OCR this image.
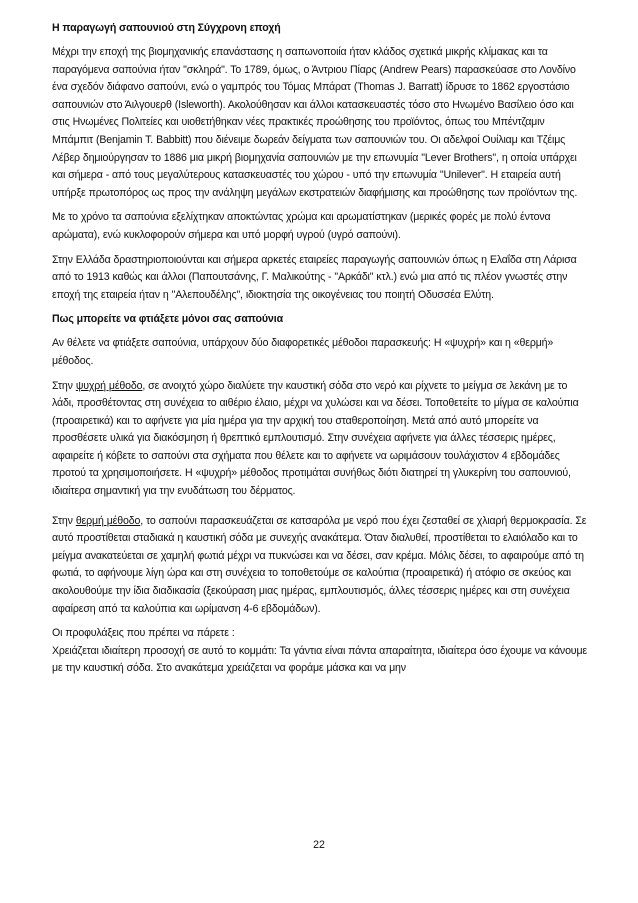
Η παραγωγή σαπουνιού στη Σύγχρονη εποχή

Μέχρι την εποχή της βιομηχανικής επανάστασης η σαπωνοποιία ήταν κλάδος σχετικά μικρής κλίμακας και τα παραγόμενα σαπούνια ήταν "σκληρά". Το 1789, όμως, ο Άντριου Πίαρς (Andrew Pears) παρασκεύασε στο Λονδίνο ένα σχεδόν διάφανο σαπούνι, ενώ ο γαμπρός του Τόμας Μπάρατ (Thomas J. Barratt) ίδρυσε το 1862 εργοστάσιο σαπουνιών στο Άιλγουερθ (Isleworth). Ακολούθησαν και άλλοι κατασκευαστές τόσο στο Ηνωμένο Βασίλειο όσο και στις Ηνωμένες Πολιτείες και υιοθετήθηκαν νέες πρακτικές προώθησης του προϊόντος, όπως του Μπέντζαμιν Μπάμπιτ (Benjamin T. Babbitt) που διένειμε δωρεάν δείγματα των σαπουνιών του. Οι αδελφοί Ουίλιαμ και Τζέιμς Λέβερ δημιούργησαν το 1886 μια μικρή βιομηχανία σαπουνιών με την επωνυμία "Lever Brothers", η οποία υπάρχει και σήμερα - από τους μεγαλύτερους κατασκευαστές του χώρου - υπό την επωνυμία "Unilever". Η εταιρεία αυτή υπήρξε πρωτοπόρος ως προς την ανάληψη μεγάλων εκστρατειών διαφήμισης και προώθησης των προϊόντων της.

Με το χρόνο τα σαπούνια εξελίχτηκαν αποκτώντας χρώμα και αρωματίστηκαν (μερικές φορές με πολύ έντονα αρώματα), ενώ κυκλοφορούν σήμερα και υπό μορφή υγρού (υγρό σαπούνι).

Στην Ελλάδα δραστηριοποιούνται και σήμερα αρκετές εταιρείες παραγωγής σαπουνιών όπως η Ελαΐδα στη Λάρισα από το 1913 καθώς και άλλοι (Παπουτσάνης, Γ. Μαλικούτης - "Αρκάδι" κτλ.) ενώ μια από τις πλέον γνωστές στην εποχή της εταιρεία ήταν η "Αλεπουδέλης", ιδιοκτησία της οικογένειας του ποιητή Οδυσσέα Ελύτη.

Πως μπορείτε να φτιάξετε μόνοι σας σαπούνια

Αν θέλετε να φτιάξετε σαπούνια, υπάρχουν δύο διαφορετικές μέθοδοι παρασκευής: Η «ψυχρή» και η «θερμή» μέθοδος.

Στην ψυχρή μέθοδο, σε ανοιχτό χώρο διαλύετε την καυστική σόδα στο νερό και ρίχνετε το μείγμα σε λεκάνη με το λάδι, προσθέτοντας στη συνέχεια το αιθέριο έλαιο, μέχρι να χυλώσει και να δέσει. Τοποθετείτε το μίγμα σε καλούπια (προαιρετικά) και το αφήνετε για μία ημέρα για την αρχική του σταθεροποίηση. Μετά από αυτό μπορείτε να προσθέσετε υλικά για διακόσμηση ή θρεπτικό εμπλουτισμό. Στην συνέχεια αφήνετε για άλλες τέσσερις ημέρες, αφαιρείτε ή κόβετε το σαπούνι στα σχήματα που θέλετε και το αφήνετε να ωριμάσουν τουλάχιστον 4 εβδομάδες προτού τα χρησιμοποιήσετε. Η «ψυχρή» μέθοδος προτιμάται συνήθως διότι διατηρεί τη γλυκερίνη του σαπουνιού, ιδιαίτερα σημαντική για την ενυδάτωση του δέρματος.

Στην θερμή μέθοδο, το σαπούνι παρασκευάζεται σε κατσαρόλα με νερό που έχει ζεσταθεί σε χλιαρή θερμοκρασία. Σε αυτό προστίθεται σταδιακά η καυστική σόδα με συνεχής ανακάτεμα. Όταν διαλυθεί, προστίθεται το ελαιόλαδο και το μείγμα ανακατεύεται σε χαμηλή φωτιά μέχρι να πυκνώσει και να δέσει, σαν κρέμα. Μόλις δέσει, το αφαιρούμε από τη φωτιά, το αφήνουμε λίγη ώρα και στη συνέχεια το τοποθετούμε σε καλούπια (προαιρετικά) ή ατόφιο σε σκεύος και ακολουθούμε την ίδια διαδικασία (ξεκούραση μιας ημέρας, εμπλουτισμός, άλλες τέσσερις ημέρες και στη συνέχεια αφαίρεση από τα καλούπια και ωρίμανση 4-6 εβδομάδων).

Οι προφυλάξεις που πρέπει να πάρετε :

Χρειάζεται ιδιαίτερη προσοχή σε αυτό το κομμάτι: Τα γάντια είναι πάντα απαραίτητα, ιδιαίτερα όσο έχουμε να κάνουμε με την καυστική σόδα. Στο ανακάτεμα χρειάζεται να φοράμε μάσκα και να μην

22
